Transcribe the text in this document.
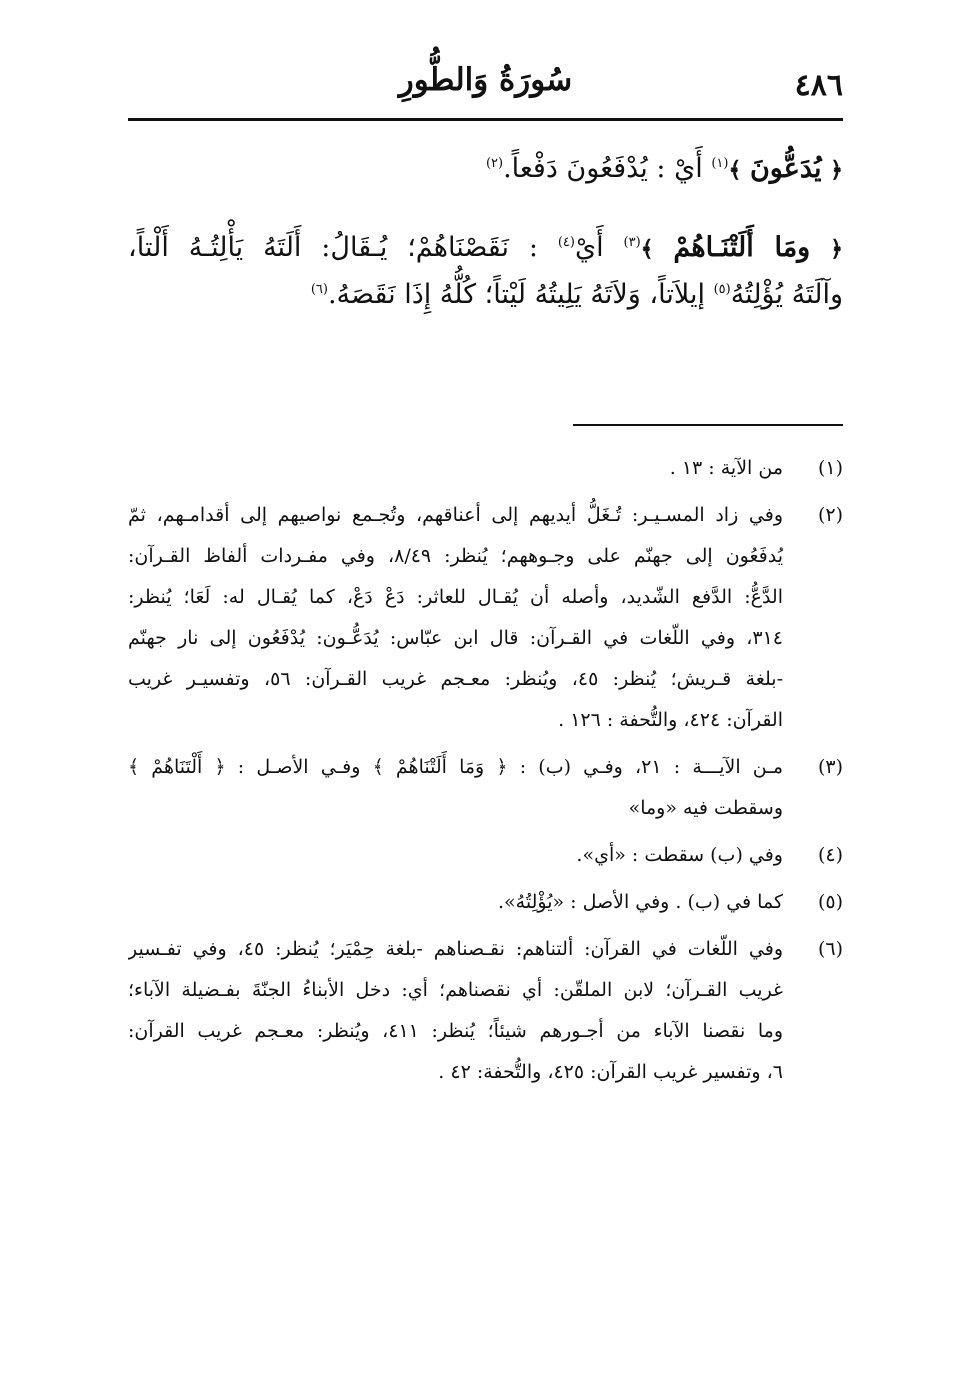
٤٨٦
سُورَةُ وَالطُّورِ
﴿ يُدَعُّونَ ﴾$^{(١)}$ أَيْ : يُدْفَعُونَ دَفْعاً.$^{(٢)}$
﴿ ومَا أَلَتْنَـاهُمْ ﴾$^{(٣)}$ أَيْ$^{(٤)}$ : نَقَصْنَاهُمْ؛ يُـقَالُ: أَلَتَهُ يَأْلِتُـهُ أَلْتاً،
وآلَتَهُ يُؤْلِتُهُ$^{(٥)}$ إيلاَتاً، وَلاَتَهُ يَلِيتُهُ لَيْتاً؛ كُلُّهُ إِذَا نَقَصَهُ.$^{(٦)}$
(١)
من الآية : ١٣ .
(٢)
وفي زاد المسـيـر: تُـغَلُّ أيديهم إلى أعناقهم، وتُجـمع نواصيهم إلى أقدامـهم، ثمّ
يُدفَعُون إلى جهنّم على وجـوههم؛ يُنظر: ٨/٤٩، وفي مفـردات ألفاظ القـرآن:
الدَّعُّ: الدَّفع الشّديد، وأصله أن يُقـال للعاثر: دَعْ دَعْ، كما يُقـال له: لَعَا؛ يُنظر:
٣١٤، وفي اللّغات في القـرآن: قال ابن عبّاس: يُدَعُّـون: يُدْفَعُون إلى نار جهنّم
-بلغة قـريش؛ يُنظر: ٤٥، ويُنظر: معـجم غريب القـرآن: ٥٦، وتفسيـر غريب
القرآن: ٤٢٤، والتُّحفة : ١٢٦ .
(٣)
مـن الآيـــة : ٢١، وفـي (ب) : ﴿ وَمَا أَلَتْنَاهُمْ ﴾ وفـي الأصـل : ﴿ أَلْتَنَاهُمْ ﴾
وسقطت فيه «وما»
(٤)
وفي (ب) سقطت : «أي».
(٥)
كما في (ب) . وفي الأصل : «يُؤْلِتُهُ».
(٦)
وفي اللّغات في القرآن: ألتناهم: نقـصناهم -بلغة حِمْيَر؛ يُنظر: ٤٥، وفي تفـسير
غريب القـرآن؛ لابن الملقّن: أي نقصناهم؛ أي: دخل الأبناءُ الجنّةَ بفـضيلة الآباء؛
وما نقصنا الآباء من أجـورهم شيئاً؛ يُنظر: ٤١١، ويُنظر: معـجم غريب القرآن:
٦، وتفسير غريب القرآن: ٤٢٥، والتُّحفة: ٤٢ .
